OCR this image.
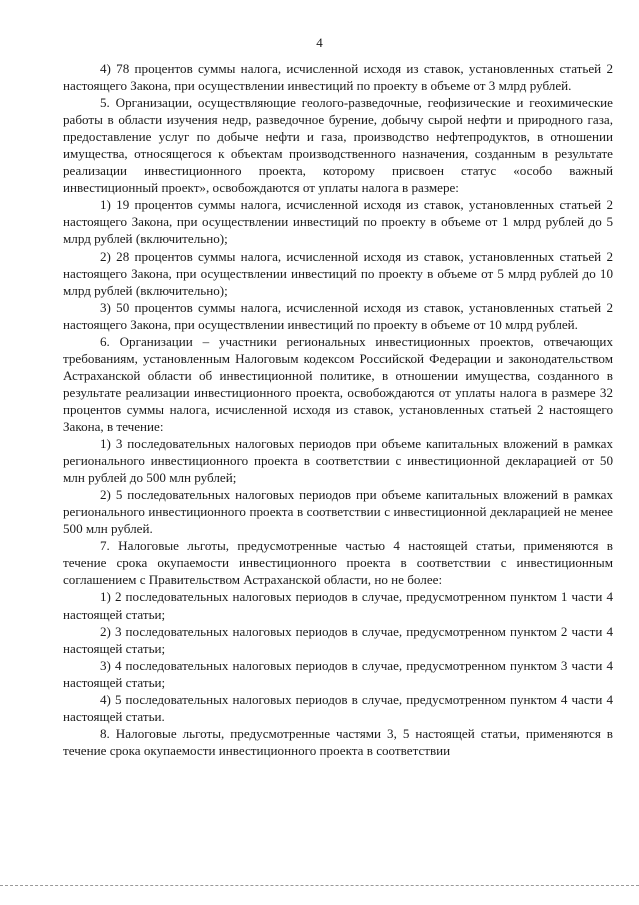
4

4) 78 процентов суммы налога, исчисленной исходя из ставок, установленных статьей 2 настоящего Закона, при осуществлении инвестиций по проекту в объеме от 3 млрд рублей.

5. Организации, осуществляющие геолого-разведочные, геофизические и геохимические работы в области изучения недр, разведочное бурение, добычу сырой нефти и природного газа, предоставление услуг по добыче нефти и газа, производство нефтепродуктов, в отношении имущества, относящегося к объектам производственного назначения, созданным в результате реализации инвестиционного проекта, которому присвоен статус «особо важный инвестиционный проект», освобождаются от уплаты налога в размере:

1) 19 процентов суммы налога, исчисленной исходя из ставок, установленных статьей 2 настоящего Закона, при осуществлении инвестиций по проекту в объеме от 1 млрд рублей до 5 млрд рублей (включительно);

2) 28 процентов суммы налога, исчисленной исходя из ставок, установленных статьей 2 настоящего Закона, при осуществлении инвестиций по проекту в объеме от 5 млрд рублей до 10 млрд рублей (включительно);

3) 50 процентов суммы налога, исчисленной исходя из ставок, установленных статьей 2 настоящего Закона, при осуществлении инвестиций по проекту в объеме от 10 млрд рублей.

6. Организации – участники региональных инвестиционных проектов, отвечающих требованиям, установленным Налоговым кодексом Российской Федерации и законодательством Астраханской области об инвестиционной политике, в отношении имущества, созданного в результате реализации инвестиционного проекта, освобождаются от уплаты налога в размере 32 процентов суммы налога, исчисленной исходя из ставок, установленных статьей 2 настоящего Закона, в течение:

1) 3 последовательных налоговых периодов при объеме капитальных вложений в рамках регионального инвестиционного проекта в соответствии с инвестиционной декларацией от 50 млн рублей до 500 млн рублей;

2) 5 последовательных налоговых периодов при объеме капитальных вложений в рамках регионального инвестиционного проекта в соответствии с инвестиционной декларацией не менее 500 млн рублей.

7. Налоговые льготы, предусмотренные частью 4 настоящей статьи, применяются в течение срока окупаемости инвестиционного проекта в соответствии с инвестиционным соглашением с Правительством Астраханской области, но не более:

1) 2 последовательных налоговых периодов в случае, предусмотренном пунктом 1 части 4 настоящей статьи;

2) 3 последовательных налоговых периодов в случае, предусмотренном пунктом 2 части 4 настоящей статьи;

3) 4 последовательных налоговых периодов в случае, предусмотренном пунктом 3 части 4 настоящей статьи;

4) 5 последовательных налоговых периодов в случае, предусмотренном пунктом 4 части 4 настоящей статьи.

8. Налоговые льготы, предусмотренные частями 3, 5 настоящей статьи, применяются в течение срока окупаемости инвестиционного проекта в соответствии
